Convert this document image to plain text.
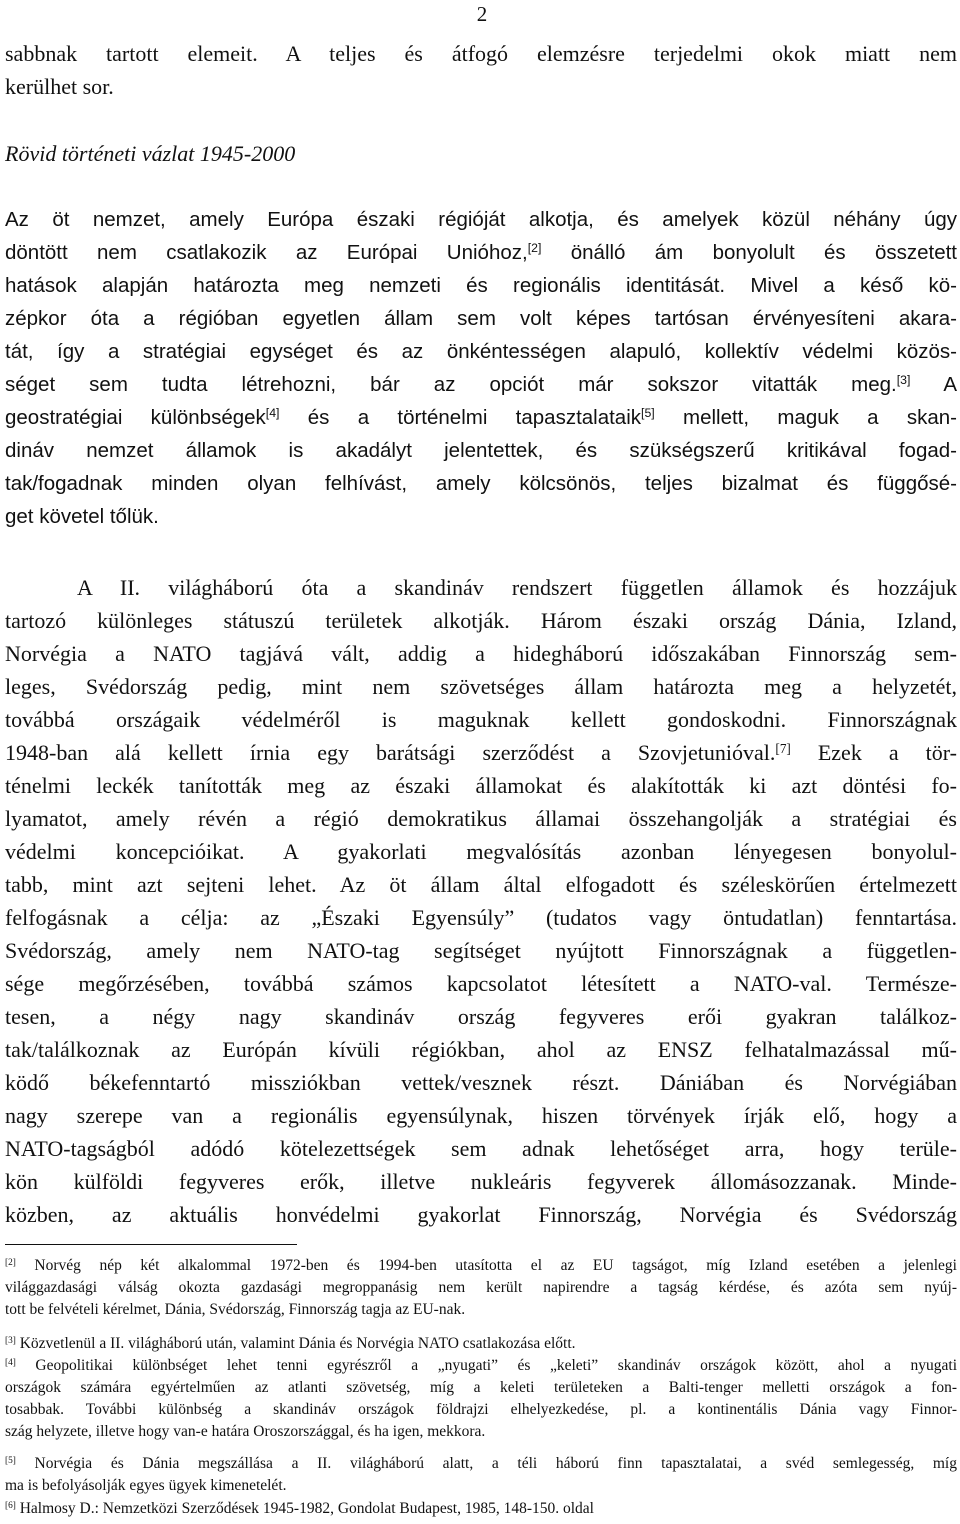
2
sabbnak tartott elemeit. A teljes és átfogó elemzésre terjedelmi okok miatt nem
kerülhet sor.
Rövid történeti vázlat 1945-2000
Az öt nemzet, amely Európa északi régióját alkotja, és amelyek közül néhány úgy
döntött nem csatlakozik az Európai Unióhoz,[2] önálló ám bonyolult és összetett
hatások alapján határozta meg nemzeti és regionális identitását. Mivel a késő kö-
zépkor óta a régióban egyetlen állam sem volt képes tartósan érvényesíteni akara-
tát, így a stratégiai egységet és az önkéntességen alapuló, kollektív védelmi közös-
séget sem tudta létrehozni, bár az opciót már sokszor vitatták meg.[3] A
geostratégiai különbségek[4] és a történelmi tapasztalataik[5] mellett, maguk a skan-
dináv nemzet államok is akadályt jelentettek, és szükségszerű kritikával fogad-
tak/fogadnak minden olyan felhívást, amely kölcsönös, teljes bizalmat és függősé-
get követel tőlük.
A II. világháború óta a skandináv rendszert független államok és hozzájuk
tartozó különleges státuszú területek alkotják. Három északi ország Dánia, Izland,
Norvégia a NATO tagjává vált, addig a hidegháború időszakában Finnország sem-
leges, Svédország pedig, mint nem szövetséges állam határozta meg a helyzetét,
továbbá országaik védelméről is maguknak kellett gondoskodni. Finnországnak
1948-ban alá kellett írnia egy barátsági szerződést a Szovjetunióval.[7] Ezek a tör-
ténelmi leckék tanították meg az északi államokat és alakították ki azt döntési fo-
lyamatot, amely révén a régió demokratikus államai összehangolják a stratégiai és
védelmi koncepcióikat. A gyakorlati megvalósítás azonban lényegesen bonyolul-
tabb, mint azt sejteni lehet. Az öt állam által elfogadott és széleskörűen értelmezett
felfogásnak a célja: az „Északi Egyensúly” (tudatos vagy öntudatlan) fenntartása.
Svédország, amely nem NATO-tag segítséget nyújtott Finnországnak a független-
sége megőrzésében, továbbá számos kapcsolatot létesített a NATO-val. Természe-
tesen, a négy nagy skandináv ország fegyveres erői gyakran találkoz-
tak/találkoznak az Európán kívüli régiókban, ahol az ENSZ felhatalmazással mű-
ködő békefenntartó missziókban vettek/vesznek részt. Dániában és Norvégiában
nagy szerepe van a regionális egyensúlynak, hiszen törvények írják elő, hogy a
NATO-tagságból adódó kötelezettségek sem adnak lehetőséget arra, hogy terüle-
kön külföldi fegyveres erők, illetve nukleáris fegyverek állomásozzanak. Minde-
közben, az aktuális honvédelmi gyakorlat Finnország, Norvégia és Svédország
[2] Norvég nép két alkalommal 1972-ben és 1994-ben utasította el az EU tagságot, míg Izland esetében a jelenlegi
világgazdasági válság okozta gazdasági megroppanásig nem került napirendre a tagság kérdése, és azóta sem nyúj-
tott be felvételi kérelmet, Dánia, Svédország, Finnország tagja az EU-nak.
[3] Közvetlenül a II. világháború után, valamint Dánia és Norvégia NATO csatlakozása előtt.
[4] Geopolitikai különbséget lehet tenni egyrészről a „nyugati” és „keleti” skandináv országok között, ahol a nyugati
országok számára egyértelműen az atlanti szövetség, míg a keleti területeken a Balti-tenger melletti országok a fon-
tosabbak. További különbség a skandináv országok földrajzi elhelyezkedése, pl. a kontinentális Dánia vagy Finnor-
szág helyzete, illetve hogy van-e határa Oroszországgal, és ha igen, mekkora.
[5] Norvégia és Dánia megszállása a II. világháború alatt, a téli háború finn tapasztalatai, a svéd semlegesség, míg
ma is befolyásolják egyes ügyek kimenetelét.
[6] Halmosy D.: Nemzetközi Szerződések 1945-1982, Gondolat Budapest, 1985, 148-150. oldal
